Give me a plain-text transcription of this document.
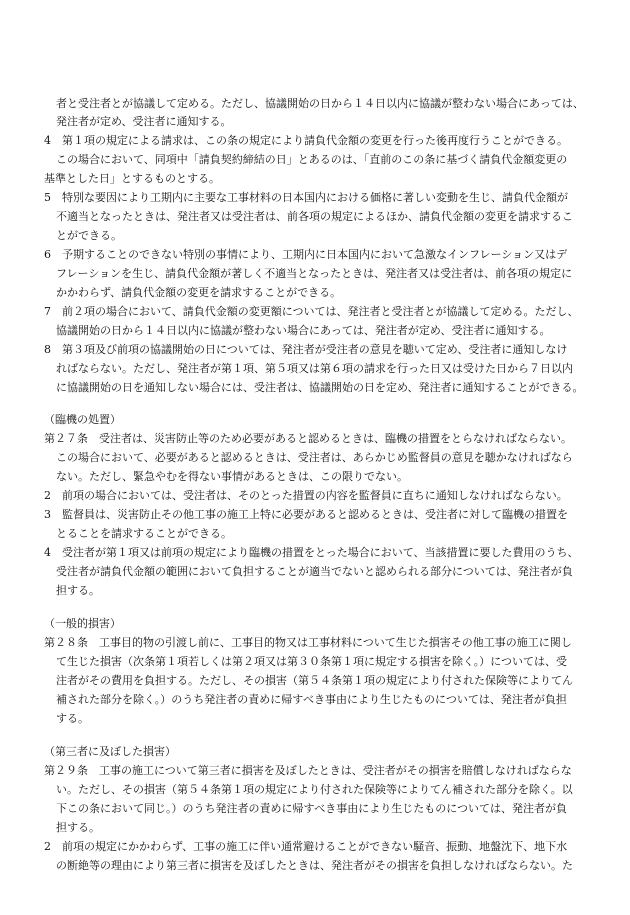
者と受注者とが協議して定める。ただし、協議開始の日から１４日以内に協議が整わない場合にあっては、
発注者が定め、受注者に通知する。
4　第１項の規定による請求は、この条の規定により請負代金額の変更を行った後再度行うことができる。
この場合において、同項中「請負契約締結の日」とあるのは、「直前のこの条に基づく請負代金額変更の
基準とした日」とするものとする。
5　特別な要因により工期内に主要な工事材料の日本国内における価格に著しい変動を生じ、請負代金額が
不適当となったときは、発注者又は受注者は、前各項の規定によるほか、請負代金額の変更を請求するこ
とができる。
6　予期することのできない特別の事情により、工期内に日本国内において急激なインフレーション又はデ
フレーションを生じ、請負代金額が著しく不適当となったときは、発注者又は受注者は、前各項の規定に
かかわらず、請負代金額の変更を請求することができる。
7　前２項の場合において、請負代金額の変更額については、発注者と受注者とが協議して定める。ただし、
協議開始の日から１４日以内に協議が整わない場合にあっては、発注者が定め、受注者に通知する。
8　第３項及び前項の協議開始の日については、発注者が受注者の意見を聴いて定め、受注者に通知しなけ
ればならない。ただし、発注者が第１項、第５項又は第６項の請求を行った日又は受けた日から７日以内
に協議開始の日を通知しない場合には、受注者は、協議開始の日を定め、発注者に通知することができる。
（臨機の処置）
第２７条　受注者は、災害防止等のため必要があると認めるときは、臨機の措置をとらなければならない。
この場合において、必要があると認めるときは、受注者は、あらかじめ監督員の意見を聴かなければなら
ない。ただし、緊急やむを得ない事情があるときは、この限りでない。
2　前項の場合においては、受注者は、そのとった措置の内容を監督員に直ちに通知しなければならない。
3　監督員は、災害防止その他工事の施工上特に必要があると認めるときは、受注者に対して臨機の措置を
とることを請求することができる。
4　受注者が第１項又は前項の規定により臨機の措置をとった場合において、当該措置に要した費用のうち、
受注者が請負代金額の範囲において負担することが適当でないと認められる部分については、発注者が負
担する。
（一般的損害）
第２８条　工事目的物の引渡し前に、工事目的物又は工事材料について生じた損害その他工事の施工に関し
て生じた損害（次条第１項若しくは第２項又は第３０条第１項に規定する損害を除く。）については、受
注者がその費用を負担する。ただし、その損害（第５４条第１項の規定により付された保険等によりてん
補された部分を除く。）のうち発注者の責めに帰すべき事由により生じたものについては、発注者が負担
する。
（第三者に及ぼした損害）
第２９条　工事の施工について第三者に損害を及ぼしたときは、受注者がその損害を賠償しなければならな
い。ただし、その損害（第５４条第１項の規定により付された保険等によりてん補された部分を除く。以
下この条において同じ。）のうち発注者の責めに帰すべき事由により生じたものについては、発注者が負
担する。
2　前項の規定にかかわらず、工事の施工に伴い通常避けることができない騒音、振動、地盤沈下、地下水
の断絶等の理由により第三者に損害を及ぼしたときは、発注者がその損害を負担しなければならない。た
